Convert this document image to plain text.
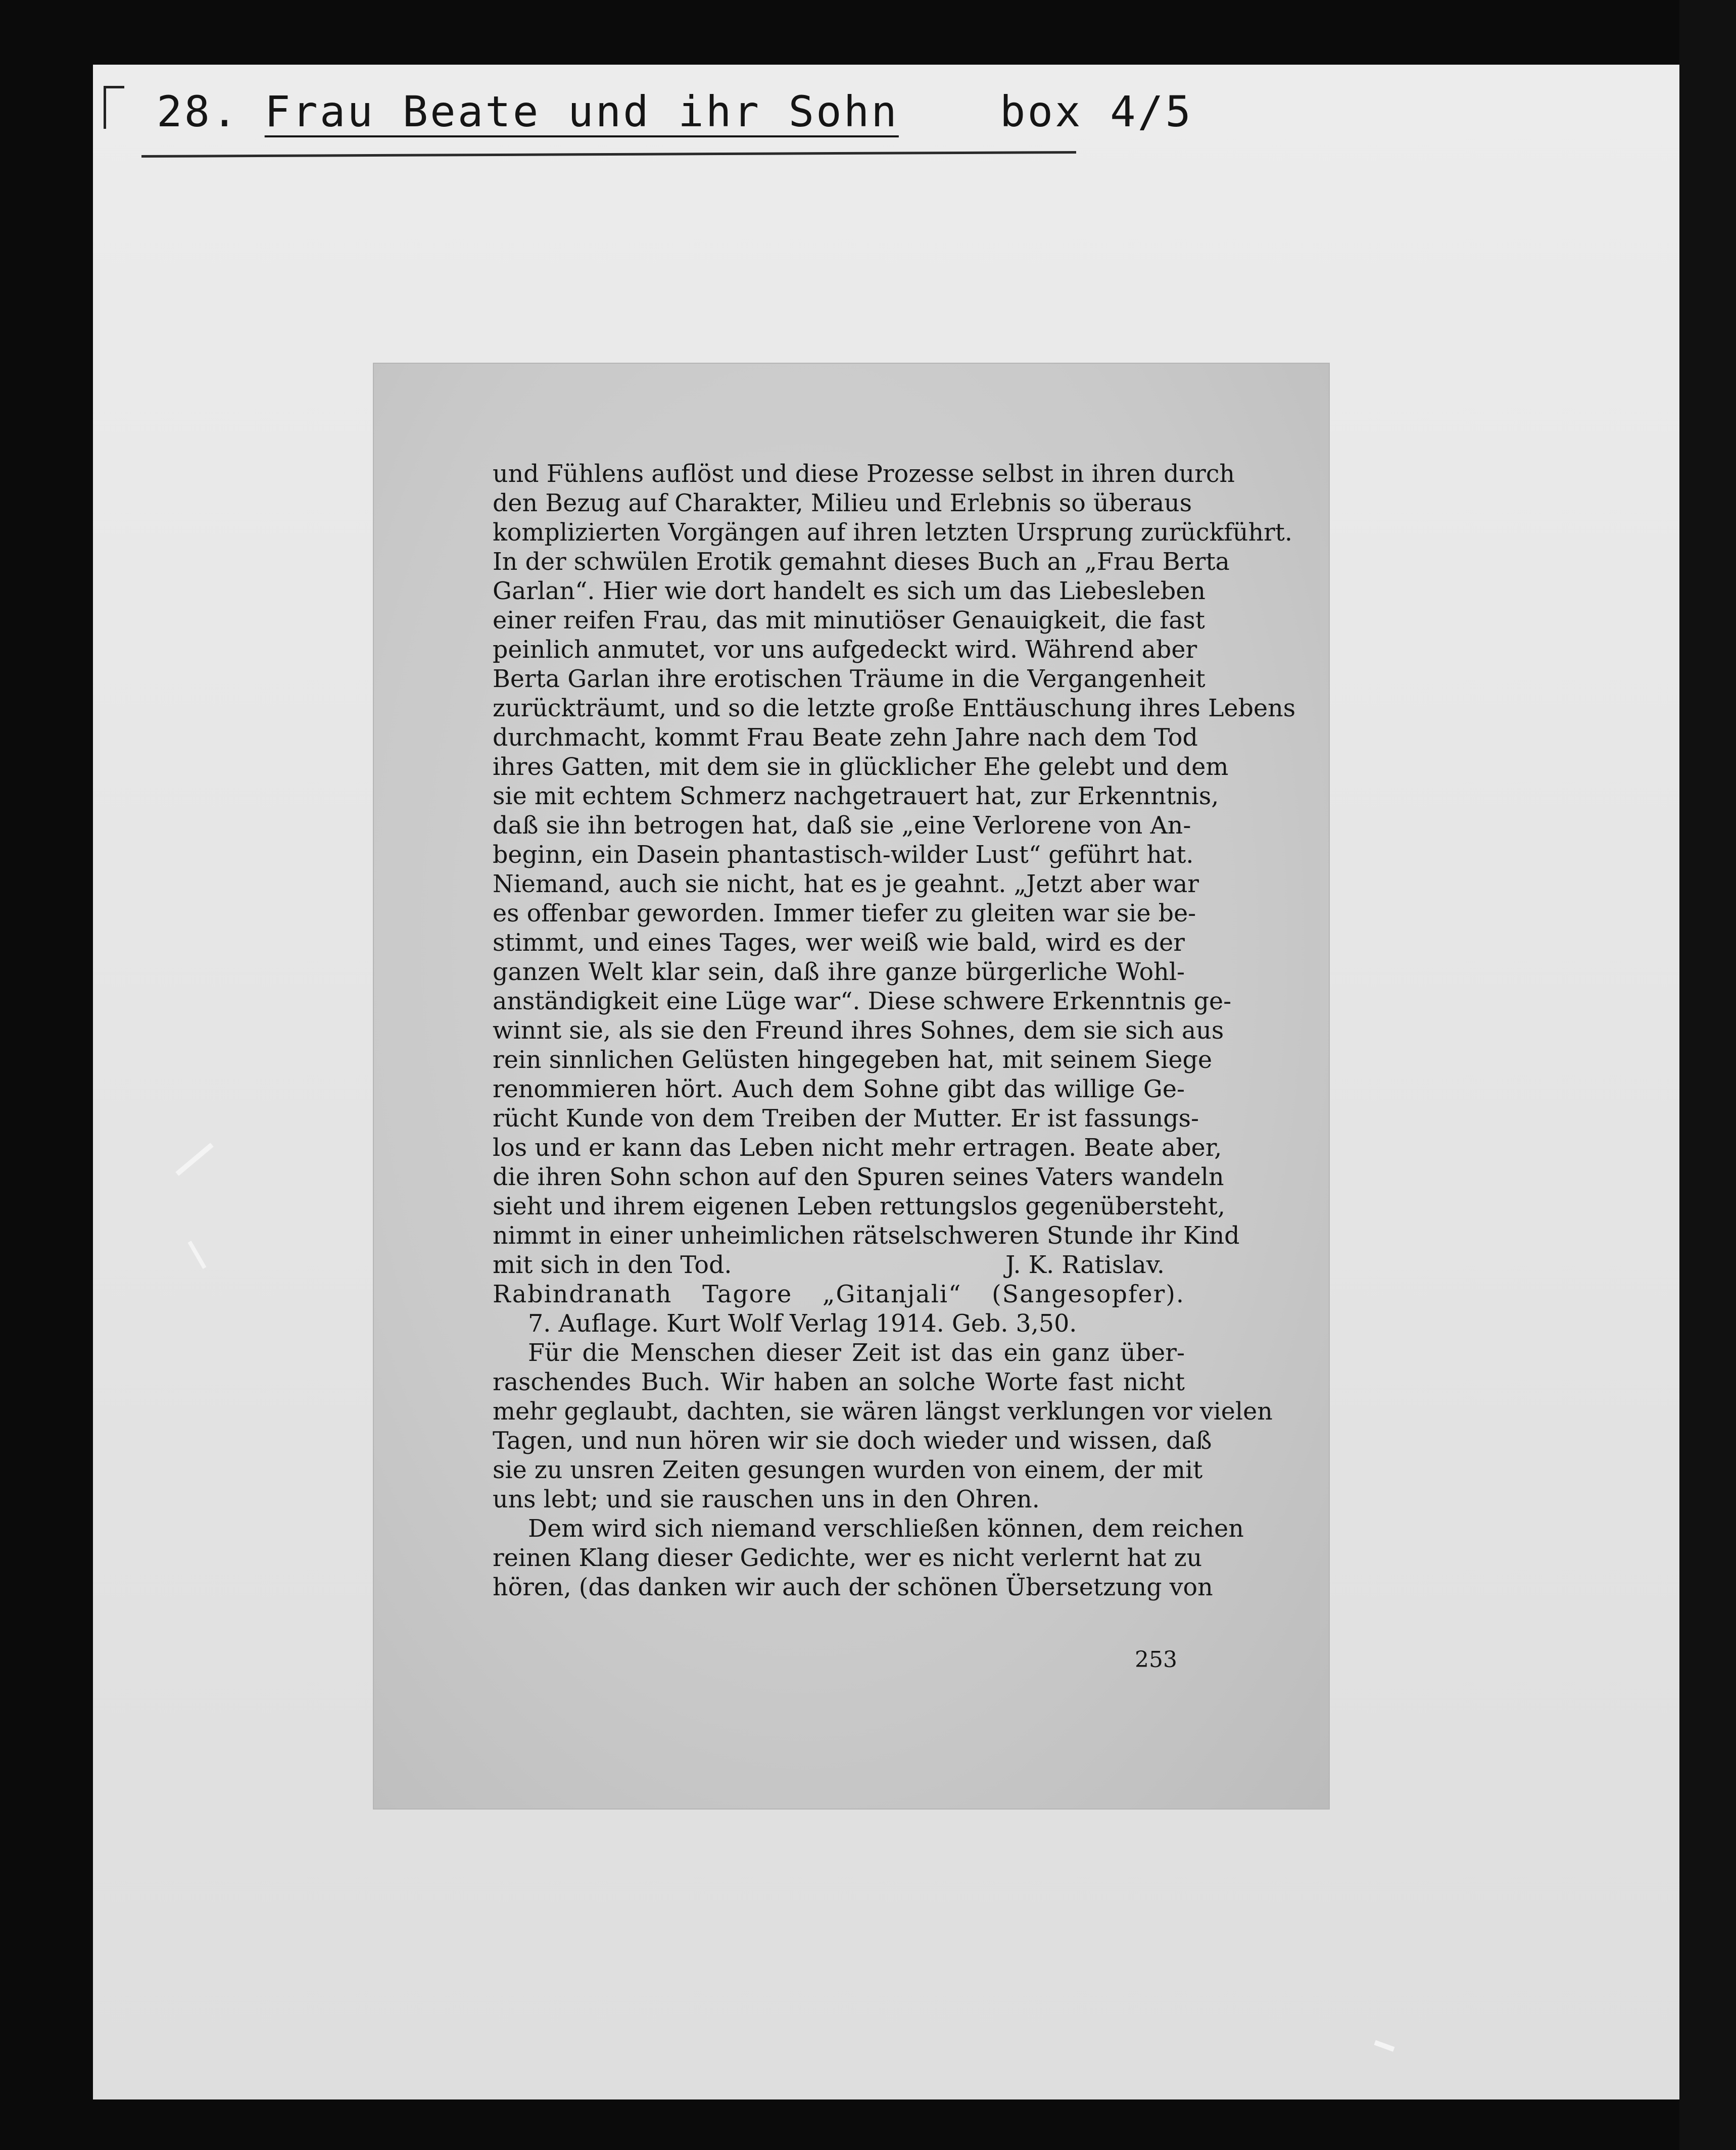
28. Frau Beate und ihr Sohn box 4/5
und Fühlens auflöst und diese Prozesse selbst in ihren durch
den Bezug auf Charakter, Milieu und Erlebnis so überaus
komplizierten Vorgängen auf ihren letzten Ursprung zurückführt.
In der schwülen Erotik gemahnt dieses Buch an „Frau Berta
Garlan“. Hier wie dort handelt es sich um das Liebesleben
einer reifen Frau, das mit minutiöser Genauigkeit, die fast
peinlich anmutet, vor uns aufgedeckt wird. Während aber
Berta Garlan ihre erotischen Träume in die Vergangenheit
zurückträumt, und so die letzte große Enttäuschung ihres Lebens
durchmacht, kommt Frau Beate zehn Jahre nach dem Tod
ihres Gatten, mit dem sie in glücklicher Ehe gelebt und dem
sie mit echtem Schmerz nachgetrauert hat, zur Erkenntnis,
daß sie ihn betrogen hat, daß sie „eine Verlorene von An-
beginn, ein Dasein phantastisch-wilder Lust“ geführt hat.
Niemand, auch sie nicht, hat es je geahnt. „Jetzt aber war
es offenbar geworden. Immer tiefer zu gleiten war sie be-
stimmt, und eines Tages, wer weiß wie bald, wird es der
ganzen Welt klar sein, daß ihre ganze bürgerliche Wohl-
anständigkeit eine Lüge war“. Diese schwere Erkenntnis ge-
winnt sie, als sie den Freund ihres Sohnes, dem sie sich aus
rein sinnlichen Gelüsten hingegeben hat, mit seinem Siege
renommieren hört. Auch dem Sohne gibt das willige Ge-
rücht Kunde von dem Treiben der Mutter. Er ist fassungs-
los und er kann das Leben nicht mehr ertragen. Beate aber,
die ihren Sohn schon auf den Spuren seines Vaters wandeln
sieht und ihrem eigenen Leben rettungslos gegenübersteht,
nimmt in einer unheimlichen rätselschweren Stunde ihr Kind
mit sich in den Tod.	J. K. Ratislav.
Rabindranath Tagore „Gitanjali“ (Sangesopfer).
7. Auflage. Kurt Wolf Verlag 1914. Geb. 3,50.
Für die Menschen dieser Zeit ist das ein ganz über-
raschendes Buch. Wir haben an solche Worte fast nicht
mehr geglaubt, dachten, sie wären längst verklungen vor vielen
Tagen, und nun hören wir sie doch wieder und wissen, daß
sie zu unsren Zeiten gesungen wurden von einem, der mit
uns lebt; und sie rauschen uns in den Ohren.
Dem wird sich niemand verschließen können, dem reichen
reinen Klang dieser Gedichte, wer es nicht verlernt hat zu
hören, (das danken wir auch der schönen Übersetzung von
253
